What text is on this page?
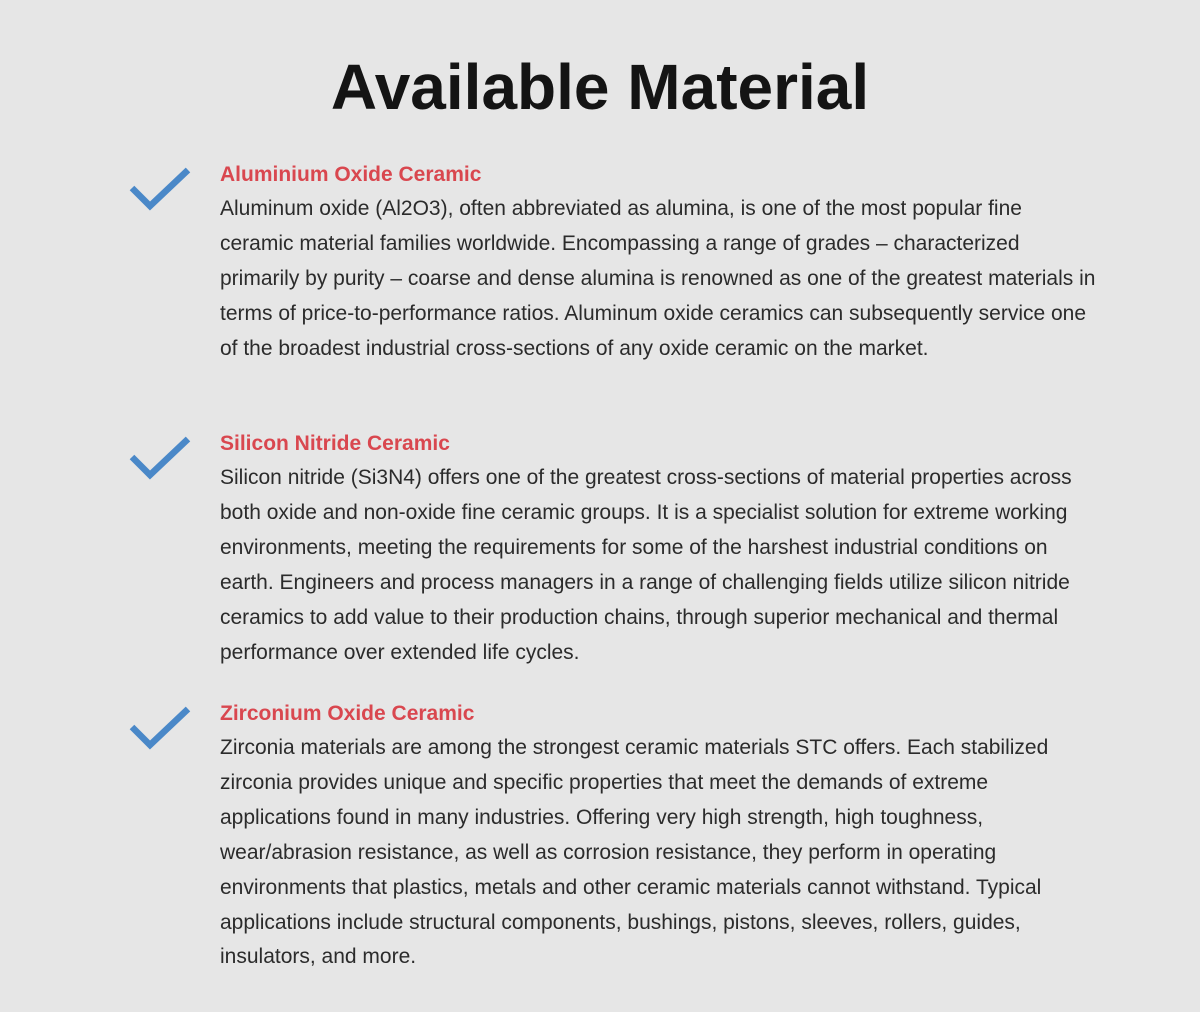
Available Material
Aluminium Oxide Ceramic

Aluminum oxide (Al2O3), often abbreviated as alumina, is one of the most popular fine ceramic material families worldwide. Encompassing a range of grades – characterized primarily by purity – coarse and dense alumina is renowned as one of the greatest materials in terms of price-to-performance ratios. Aluminum oxide ceramics can subsequently service one of the broadest industrial cross-sections of any oxide ceramic on the market.

Silicon Nitride Ceramic

Silicon nitride (Si3N4) offers one of the greatest cross-sections of material properties across both oxide and non-oxide fine ceramic groups. It is a specialist solution for extreme working environments, meeting the requirements for some of the harshest industrial conditions on earth. Engineers and process managers in a range of challenging fields utilize silicon nitride ceramics to add value to their production chains, through superior mechanical and thermal performance over extended life cycles.

Zirconium Oxide Ceramic

Zirconia materials are among the strongest ceramic materials STC offers. Each stabilized zirconia provides unique and specific properties that meet the demands of extreme applications found in many industries. Offering very high strength, high toughness, wear/abrasion resistance, as well as corrosion resistance, they perform in operating environments that plastics, metals and other ceramic materials cannot withstand. Typical applications include structural components, bushings, pistons, sleeves, rollers, guides, insulators, and more.
